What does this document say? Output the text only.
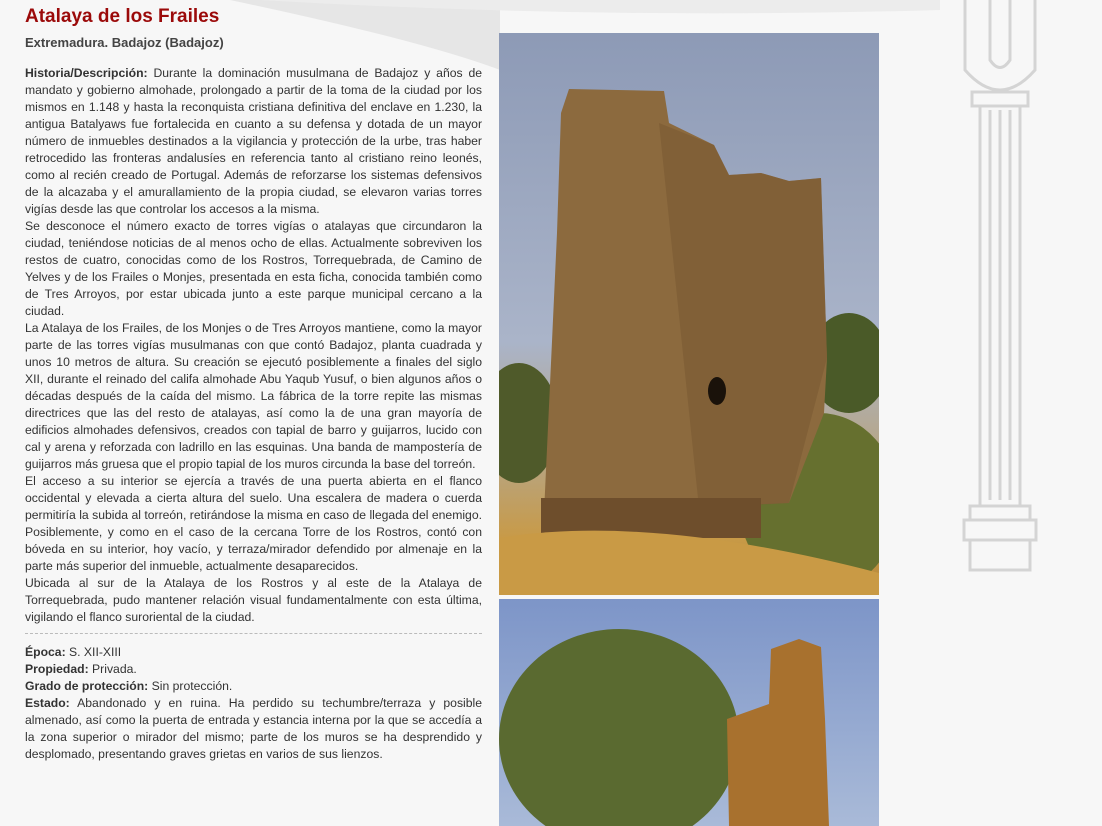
Atalaya de los Frailes
Extremadura. Badajoz (Badajoz)

Historia/Descripción: Durante la dominación musulmana de Badajoz y años de mandato y gobierno almohade, prolongado a partir de la toma de la ciudad por los mismos en 1.148 y hasta la reconquista cristiana definitiva del enclave en 1.230, la antigua Batalyaws fue fortalecida en cuanto a su defensa y dotada de un mayor número de inmuebles destinados a la vigilancia y protección de la urbe, tras haber retrocedido las fronteras andalusíes en referencia tanto al cristiano reino leonés, como al recién creado de Portugal. Además de reforzarse los sistemas defensivos de la alcazaba y el amurallamiento de la propia ciudad, se elevaron varias torres vigías desde las que controlar los accesos a la misma.

Se desconoce el número exacto de torres vigías o atalayas que circundaron la ciudad, teniéndose noticias de al menos ocho de ellas. Actualmente sobreviven los restos de cuatro, conocidas como de los Rostros, Torrequebrada, de Camino de Yelves y de los Frailes o Monjes, presentada en esta ficha, conocida también como de Tres Arroyos, por estar ubicada junto a este parque municipal cercano a la ciudad.

La Atalaya de los Frailes, de los Monjes o de Tres Arroyos mantiene, como la mayor parte de las torres vigías musulmanas con que contó Badajoz, planta cuadrada y unos 10 metros de altura. Su creación se ejecutó posiblemente a finales del siglo XII, durante el reinado del califa almohade Abu Yaqub Yusuf, o bien algunos años o décadas después de la caída del mismo. La fábrica de la torre repite las mismas directrices que las del resto de atalayas, así como la de una gran mayoría de edificios almohades defensivos, creados con tapial de barro y guijarros, lucido con cal y arena y reforzada con ladrillo en las esquinas. Una banda de mampostería de guijarros más gruesa que el propio tapial de los muros circunda la base del torreón.

El acceso a su interior se ejercía a través de una puerta abierta en el flanco occidental y elevada a cierta altura del suelo. Una escalera de madera o cuerda permitiría la subida al torreón, retirándose la misma en caso de llegada del enemigo. Posiblemente, y como en el caso de la cercana Torre de los Rostros, contó con bóveda en su interior, hoy vacío, y terraza/mirador defendido por almenaje en la parte más superior del inmueble, actualmente desaparecidos.

Ubicada al sur de la Atalaya de los Rostros y al este de la Atalaya de Torrequebrada, pudo mantener relación visual fundamentalmente con esta última, vigilando el flanco suroriental de la ciudad.

Época: S. XII-XIII

Propiedad: Privada.

Grado de protección: Sin protección.

Estado: Abandonado y en ruina. Ha perdido su techumbre/terraza y posible almenado, así como la puerta de entrada y estancia interna por la que se accedía a la zona superior o mirador del mismo; parte de los muros se ha desprendido y desplomado, presentando graves grietas en varios de sus lienzos.
